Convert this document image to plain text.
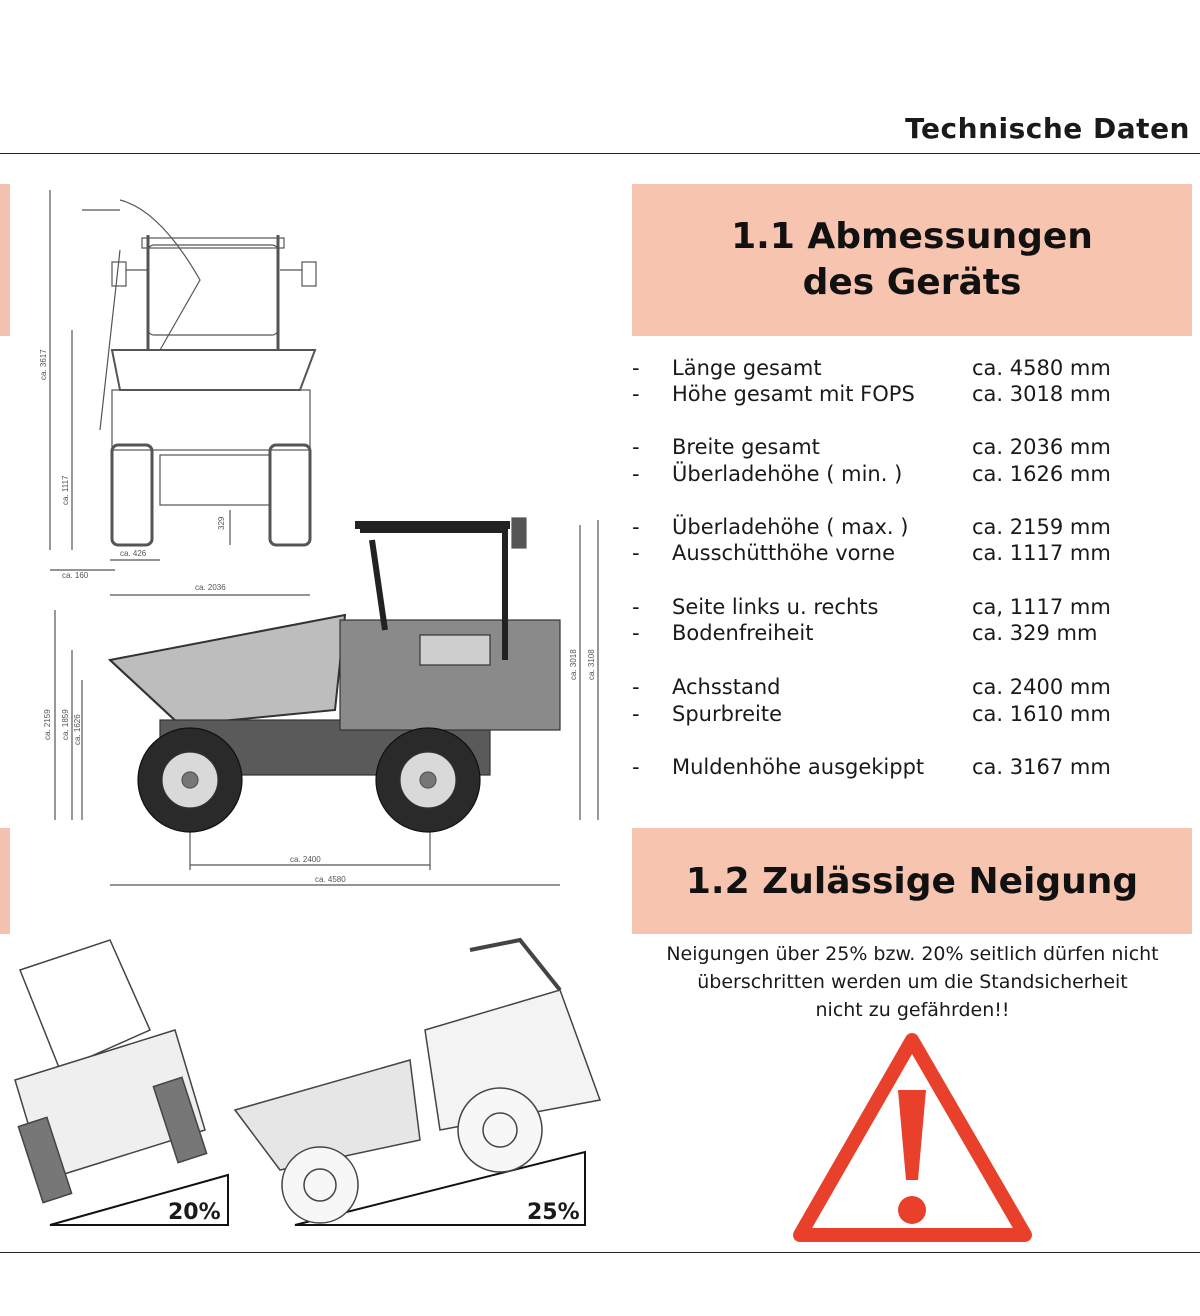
Technische Daten
1.1 Abmessungen
des Geräts
- Länge gesamt	ca. 4580 mm
- Höhe gesamt mit FOPS	ca. 3018 mm
- Breite gesamt	ca. 2036 mm
- Überladehöhe ( min. )	ca. 1626 mm
- Überladehöhe ( max. )	ca. 2159 mm
- Ausschütthöhe vorne	ca. 1117 mm
- Seite links u. rechts	ca, 1117 mm
- Bodenfreiheit	ca. 329 mm
- Achsstand	ca. 2400 mm
- Spurbreite	ca. 1610 mm
- Muldenhöhe ausgekippt ca. 3167 mm
1.2 Zulässige Neigung
Neigungen über 25% bzw. 20% seitlich dürfen nicht
überschritten werden um die Standsicherheit
nicht zu gefährden!!
ca. 3617
ca. 1117
329
ca. 426
ca. 160
ca. 2036
ca. 2159 ca. 1859 ca. 1626
ca. 3018 ca. 3108
ca. 2400
ca. 4580
20%	25%
